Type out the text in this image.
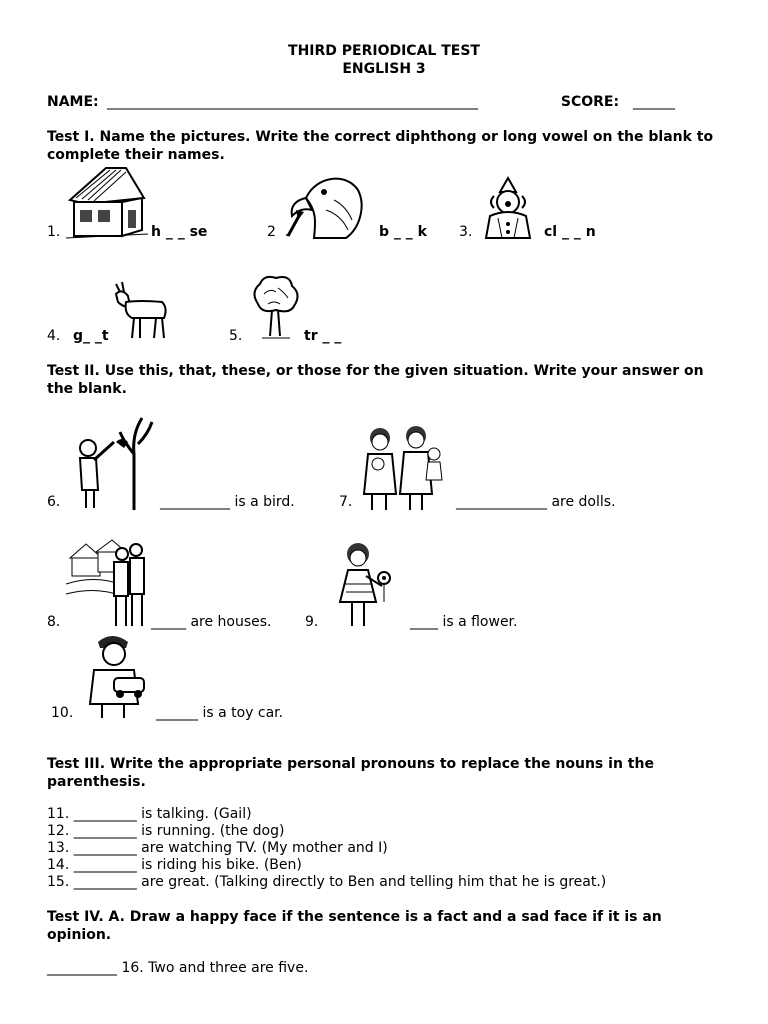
THIRD PERIODICAL TEST
ENGLISH 3
NAME: _____________________________________________________	SCORE: ______
Test I. Name the pictures. Write the correct diphthong or long vowel on the blank to complete their names.
1.	h _ _ se	2  .	b _ _ k 3.	cl _ _ n
4. g_ _t	5.	tr _ _
Test II. Use this, that, these, or those for the given situation. Write your answer on the blank.
6.	__________ is a bird.	7.	_____________ are dolls.
8.	_____ are houses. 9.	____ is a flower.
10.	______ is a toy car.
Test III. Write the appropriate personal pronouns to replace the nouns in the parenthesis.
11. _________ is talking. (Gail)
12. _________ is running. (the dog)
13. _________ are watching TV. (My mother and I)
14. _________ is riding his bike. (Ben)
15. _________ are great. (Talking directly to Ben and telling him that he is great.)
Test IV. A. Draw a happy face if the sentence is a fact and a sad face if it is an opinion.
__________ 16. Two and three are five.
